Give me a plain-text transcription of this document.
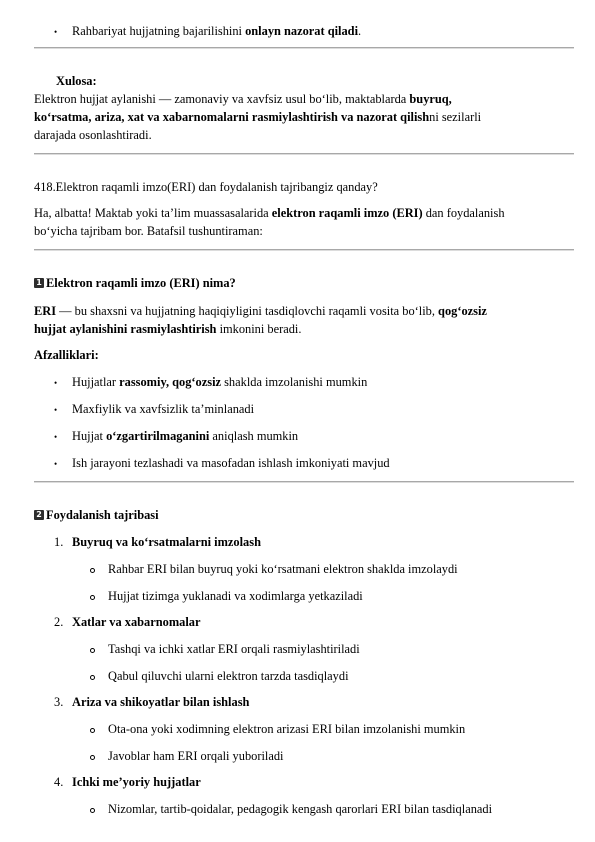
• Rahbariyat hujjatning bajarilishini onlayn nazorat qiladi.

Xulosa:

Elektron hujjat aylanishi — zamonaviy va xavfsiz usul bo‘lib, maktablarda buyruq,

ko‘rsatma, ariza, xat va xabarnomalarni rasmiylashtirish va nazorat qilishni sezilarli

darajada osonlashtiradi.

418.Elektron raqamli imzo(ERI) dan foydalanish tajribangiz qanday?

Ha, albatta! Maktab yoki ta’lim muassasalarida elektron raqamli imzo (ERI) dan foydalanish

bo‘yicha tajribam bor. Batafsil tushuntiraman:

1 Elektron raqamli imzo (ERI) nima?

ERI — bu shaxsni va hujjatning haqiqiyligini tasdiqlovchi raqamli vosita bo‘lib, qog‘ozsiz

hujjat aylanishini rasmiylashtirish imkonini beradi.

Afzalliklari:

• Hujjatlar rassomiy, qog‘ozsiz shaklda imzolanishi mumkin

• Maxfiylik va xavfsizlik ta’minlanadi

• Hujjat o‘zgartirilmaganini aniqlash mumkin

• Ish jarayoni tezlashadi va masofadan ishlash imkoniyati mavjud

2 Foydalanish tajribasi

1. Buyruq va ko‘rsatmalarni imzolash

Rahbar ERI bilan buyruq yoki ko‘rsatmani elektron shaklda imzolaydi

Hujjat tizimga yuklanadi va xodimlarga yetkaziladi

2. Xatlar va xabarnomalar

Tashqi va ichki xatlar ERI orqali rasmiylashtiriladi

Qabul qiluvchi ularni elektron tarzda tasdiqlaydi

3. Ariza va shikoyatlar bilan ishlash

Ota-ona yoki xodimning elektron arizasi ERI bilan imzolanishi mumkin

Javoblar ham ERI orqali yuboriladi

4. Ichki me’yoriy hujjatlar

Nizomlar, tartib-qoidalar, pedagogik kengash qarorlari ERI bilan tasdiqlanadi
